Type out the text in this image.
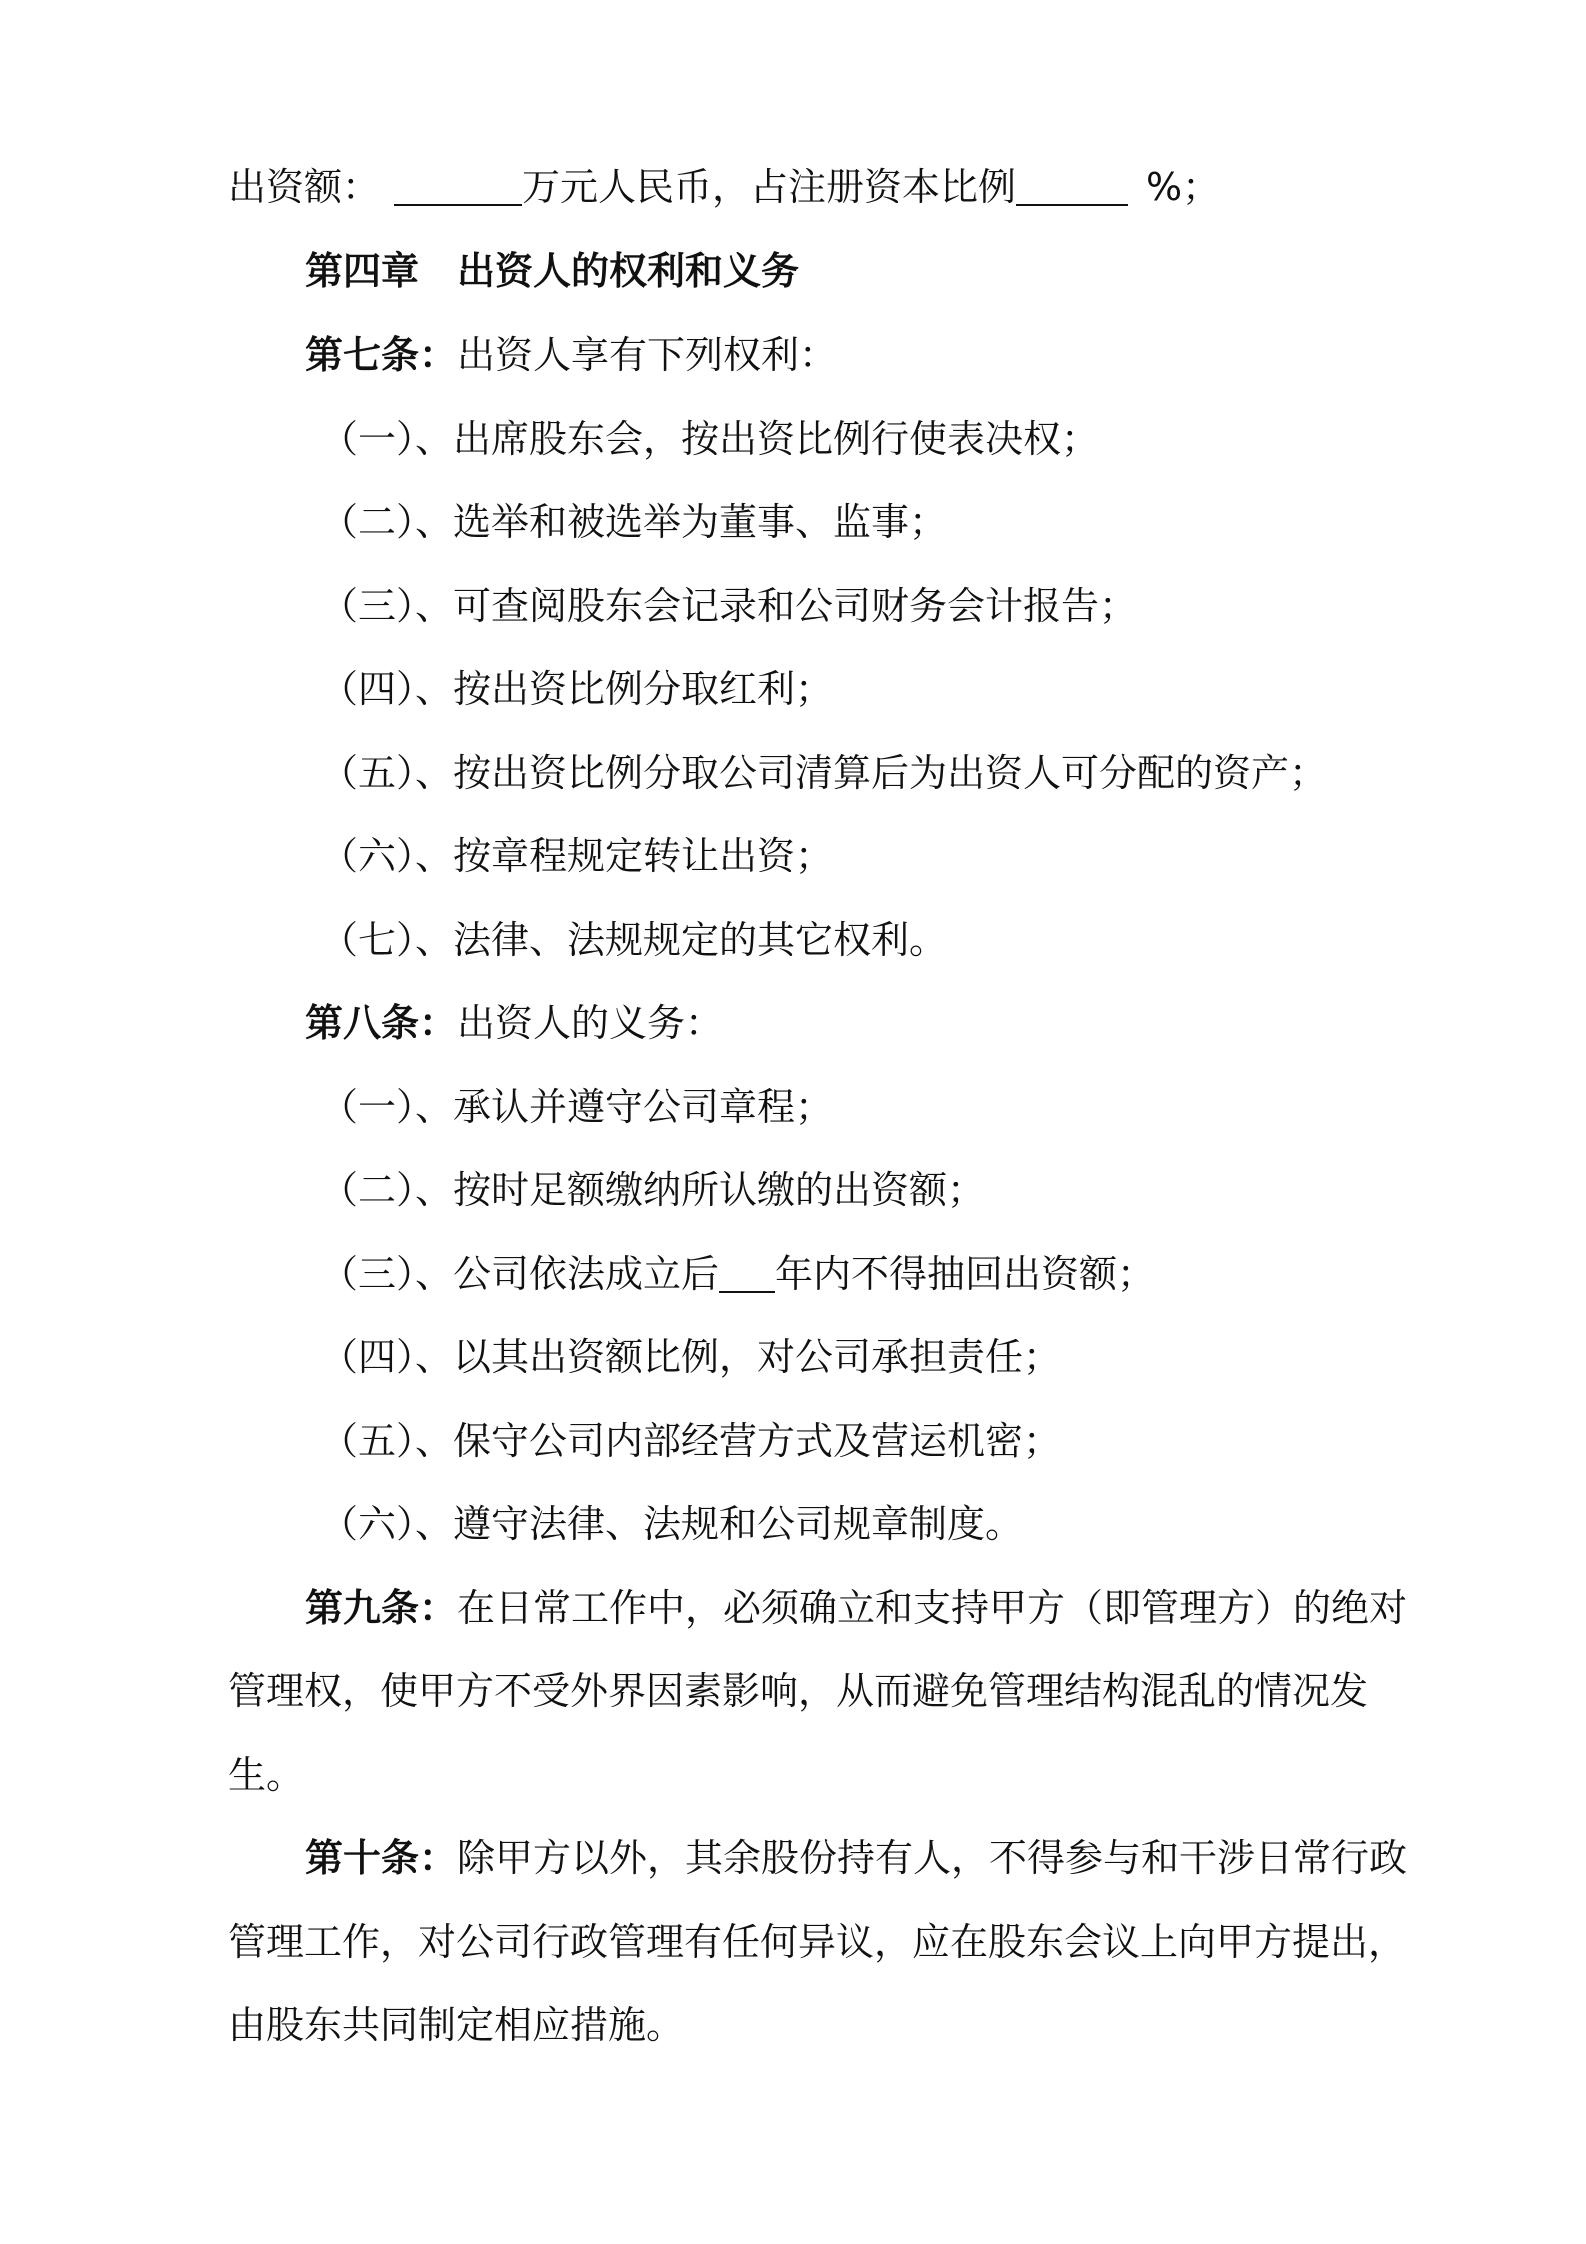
出资额：	万元人民币，占注册资本比例	%；
第四章 出资人的权利和义务
第七条：出资人享有下列权利：
（一）、出席股东会，按出资比例行使表决权；
（二）、选举和被选举为董事、监事；
（三）、可查阅股东会记录和公司财务会计报告；
（四）、按出资比例分取红利；
（五）、按出资比例分取公司清算后为出资人可分配的资产；
（六）、按章程规定转让出资；
（七）、法律、法规规定的其它权利。
第八条：出资人的义务：
（一）、承认并遵守公司章程；
（二）、按时足额缴纳所认缴的出资额；
（三）、公司依法成立后 年内不得抽回出资额；
（四）、以其出资额比例，对公司承担责任；
（五）、保守公司内部经营方式及营运机密；
（六）、遵守法律、法规和公司规章制度。
第九条：在日常工作中，必须确立和支持甲方（即管理方）的绝对
管理权，使甲方不受外界因素影响，从而避免管理结构混乱的情况发
生。
第十条：除甲方以外，其余股份持有人，不得参与和干涉日常行政
管理工作，对公司行政管理有任何异议，应在股东会议上向甲方提出，
由股东共同制定相应措施。
